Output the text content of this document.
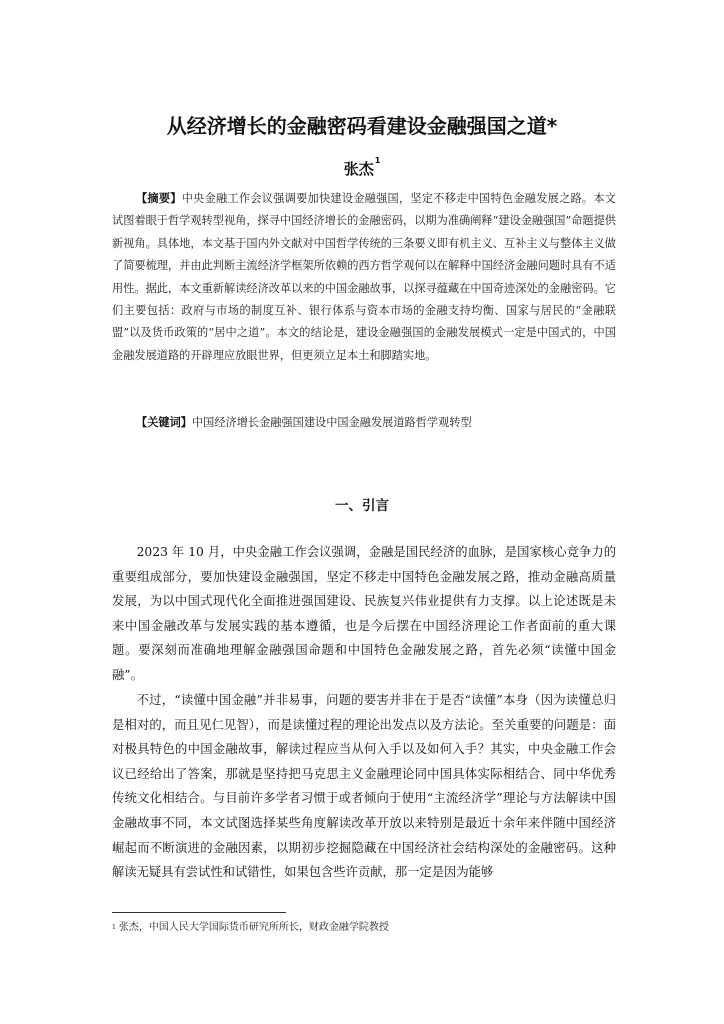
从经济增长的金融密码看建设金融强国之道*
张杰$^1$

【摘要】中央金融工作会议强调要加快建设金融强国，坚定不移走中国特色金融发展之路。本文试图着眼于哲学观转型视角，探寻中国经济增长的金融密码，以期为准确阐释“建设金融强国”命题提供新视角。具体地，本文基于国内外文献对中国哲学传统的三条要义即有机主义、互补主义与整体主义做了简要梳理，并由此判断主流经济学框架所依赖的西方哲学观何以在解释中国经济金融问题时具有不适用性。据此，本文重新解读经济改革以来的中国金融故事，以探寻蕴藏在中国奇迹深处的金融密码。它们主要包括：政府与市场的制度互补、银行体系与资本市场的金融支持均衡、国家与居民的“金融联盟”以及货币政策的“居中之道”。本文的结论是，建设金融强国的金融发展模式一定是中国式的，中国金融发展道路的开辟理应放眼世界，但更须立足本土和脚踏实地。

【关键词】中国经济增长金融强国建设中国金融发展道路哲学观转型

一、引言

2023 年 10 月，中央金融工作会议强调，金融是国民经济的血脉，是国家核心竞争力的重要组成部分，要加快建设金融强国，坚定不移走中国特色金融发展之路，推动金融高质量发展，为以中国式现代化全面推进强国建设、民族复兴伟业提供有力支撑。以上论述既是未来中国金融改革与发展实践的基本遵循，也是今后摆在中国经济理论工作者面前的重大课题。要深刻而准确地理解金融强国命题和中国特色金融发展之路，首先必须“读懂中国金融”。

不过，“读懂中国金融”并非易事，问题的要害并非在于是否“读懂”本身（因为读懂总归是相对的，而且见仁见智），而是读懂过程的理论出发点以及方法论。至关重要的问题是：面对极具特色的中国金融故事，解读过程应当从何入手以及如何入手？其实，中央金融工作会议已经给出了答案，那就是坚持把马克思主义金融理论同中国具体实际相结合、同中华优秀传统文化相结合。与目前许多学者习惯于或者倾向于使用“主流经济学”理论与方法解读中国金融故事不同，本文试图选择某些角度解读改革开放以来特别是最近十余年来伴随中国经济崛起而不断演进的金融因素，以期初步挖掘隐藏在中国经济社会结构深处的金融密码。这种解读无疑具有尝试性和试错性，如果包含些许贡献，那一定是因为能够

$^1$ 张杰，中国人民大学国际货币研究所所长，财政金融学院教授
